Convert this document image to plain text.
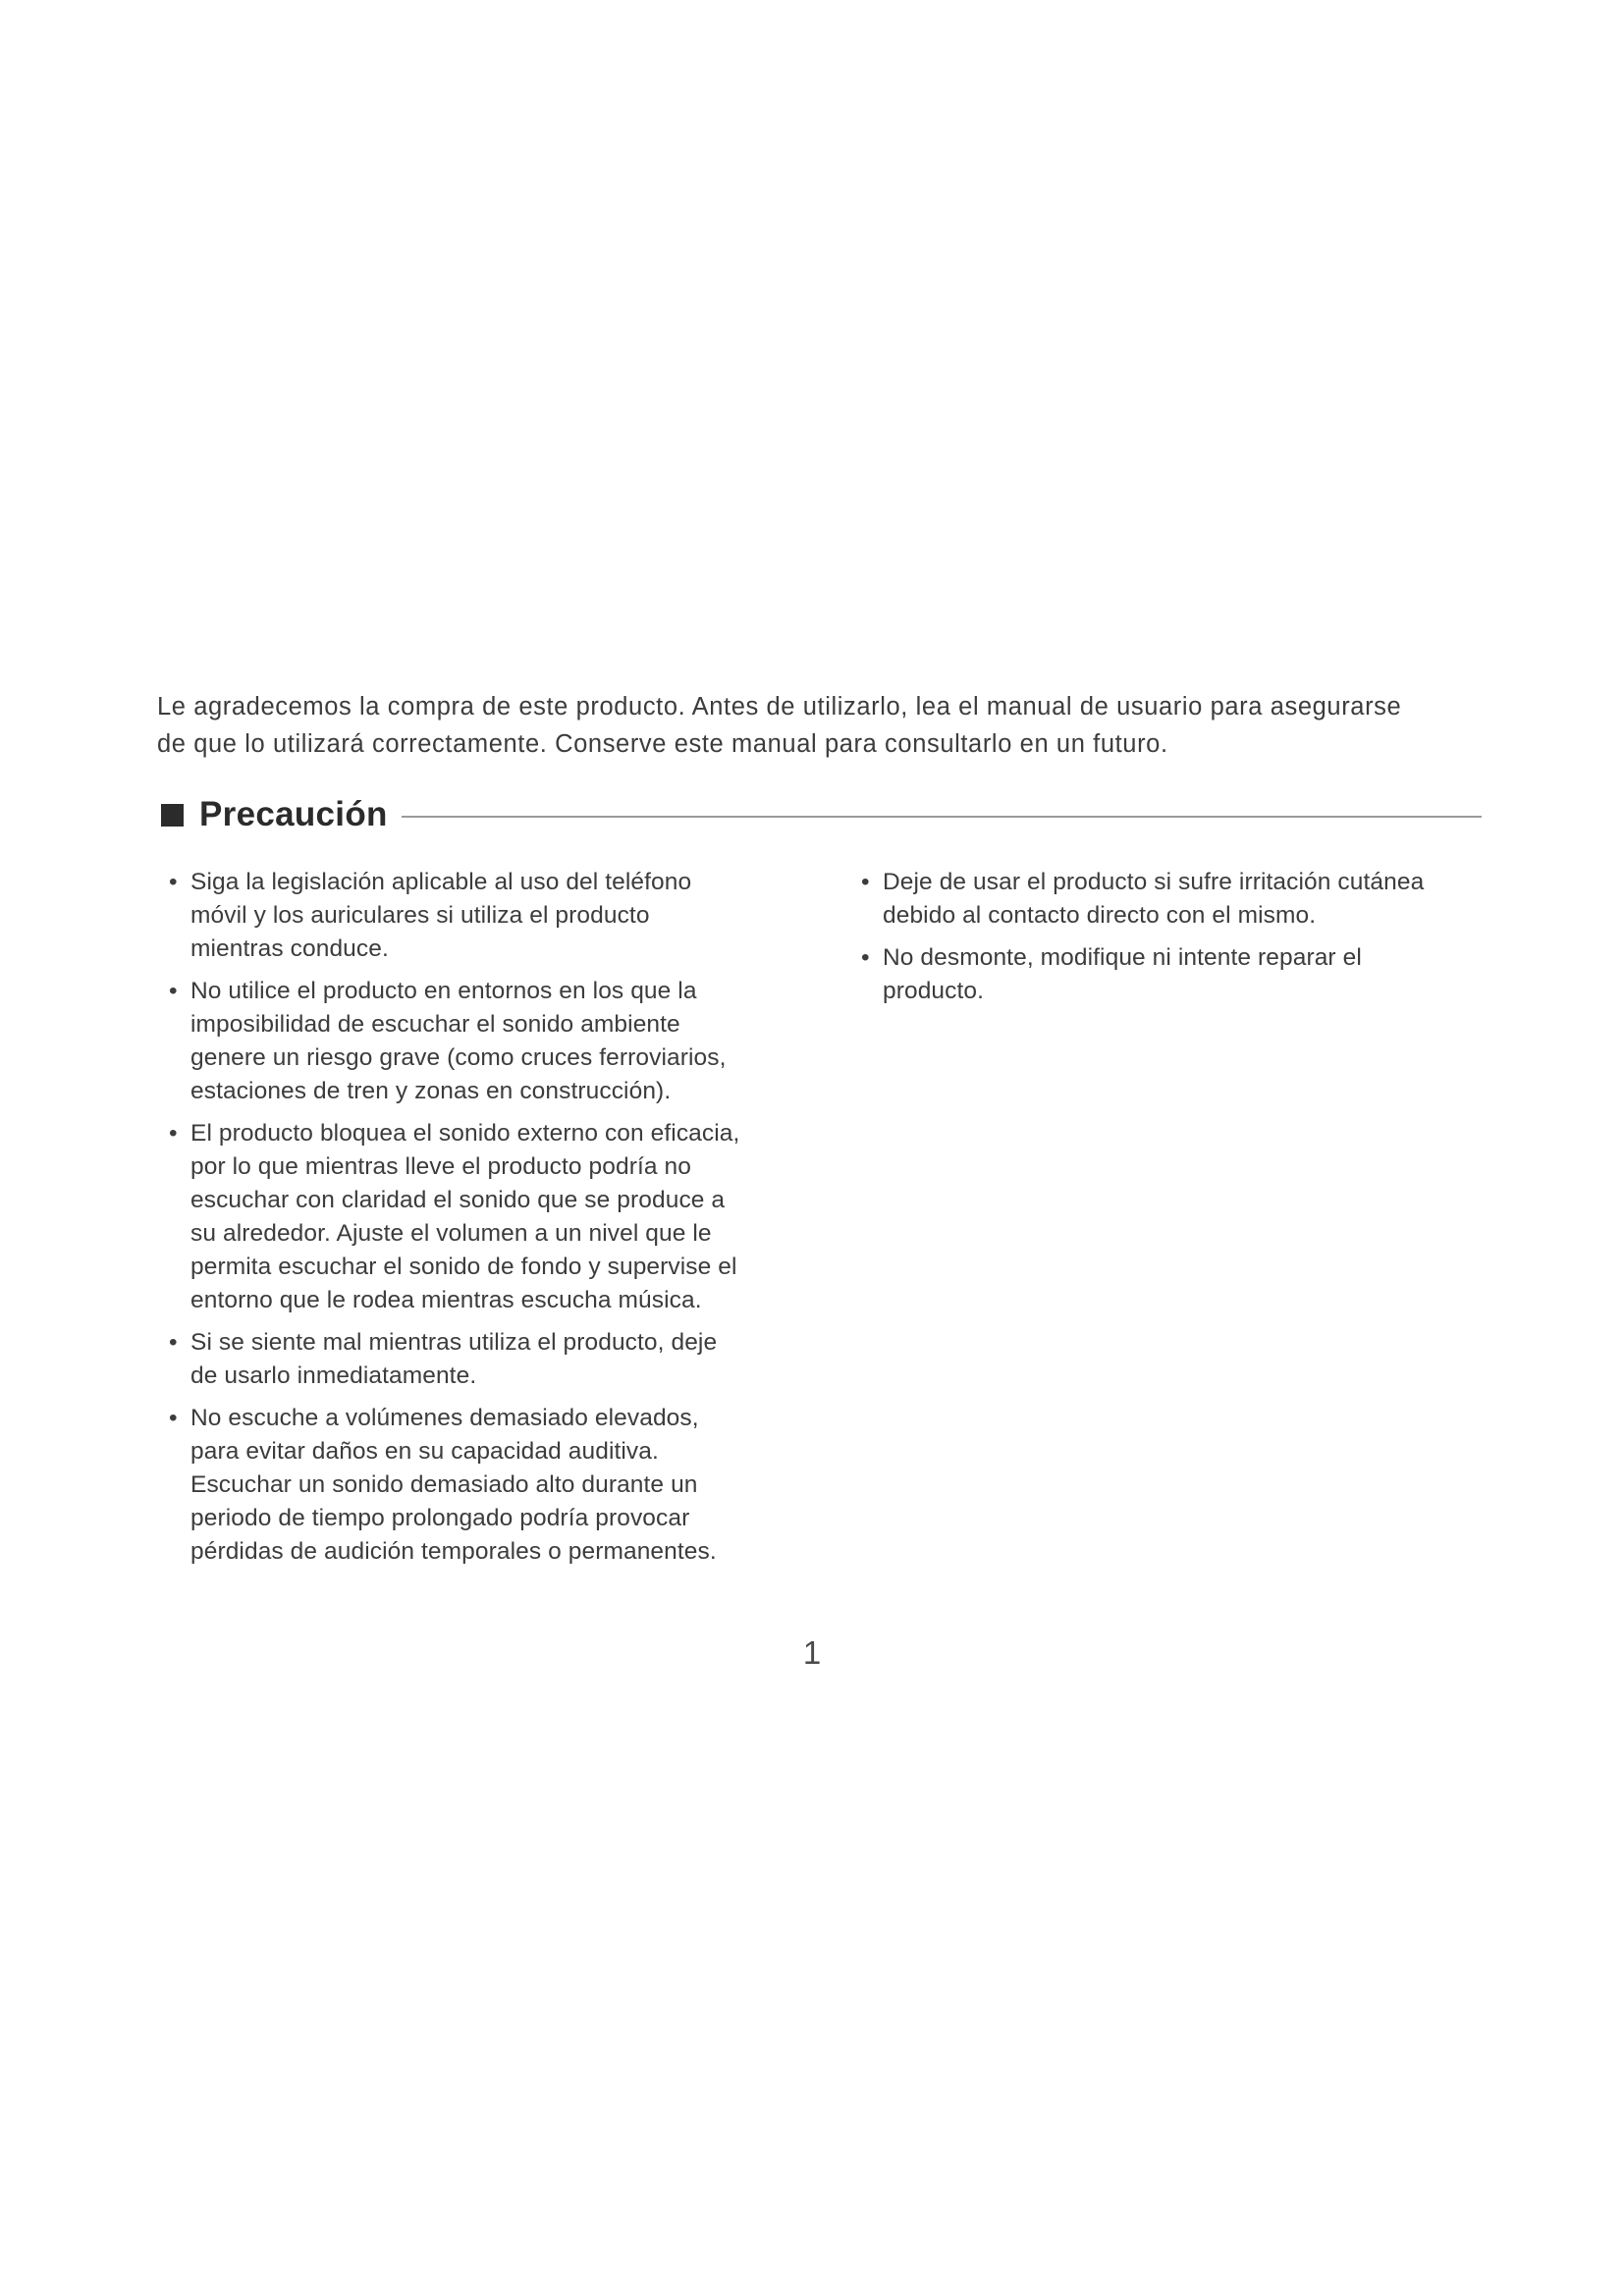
Le agradecemos la compra de este producto. Antes de utilizarlo, lea el manual de usuario para asegurarse
de que lo utilizará correctamente. Conserve este manual para consultarlo en un futuro.

Precaución
• Siga la legislación aplicable al uso del teléfono
móvil y los auriculares si utiliza el producto
mientras conduce.
• No utilice el producto en entornos en los que la
imposibilidad de escuchar el sonido ambiente
genere un riesgo grave (como cruces ferroviarios,
estaciones de tren y zonas en construcción).
• El producto bloquea el sonido externo con eficacia,
por lo que mientras lleve el producto podría no
escuchar con claridad el sonido que se produce a
su alrededor. Ajuste el volumen a un nivel que le
permita escuchar el sonido de fondo y supervise el
entorno que le rodea mientras escucha música.
• Si se siente mal mientras utiliza el producto, deje
de usarlo inmediatamente.
• No escuche a volúmenes demasiado elevados,
para evitar daños en su capacidad auditiva.
Escuchar un sonido demasiado alto durante un
periodo de tiempo prolongado podría provocar
pérdidas de audición temporales o permanentes.
• Deje de usar el producto si sufre irritación cutánea
debido al contacto directo con el mismo.
• No desmonte, modifique ni intente reparar el
producto.

1
